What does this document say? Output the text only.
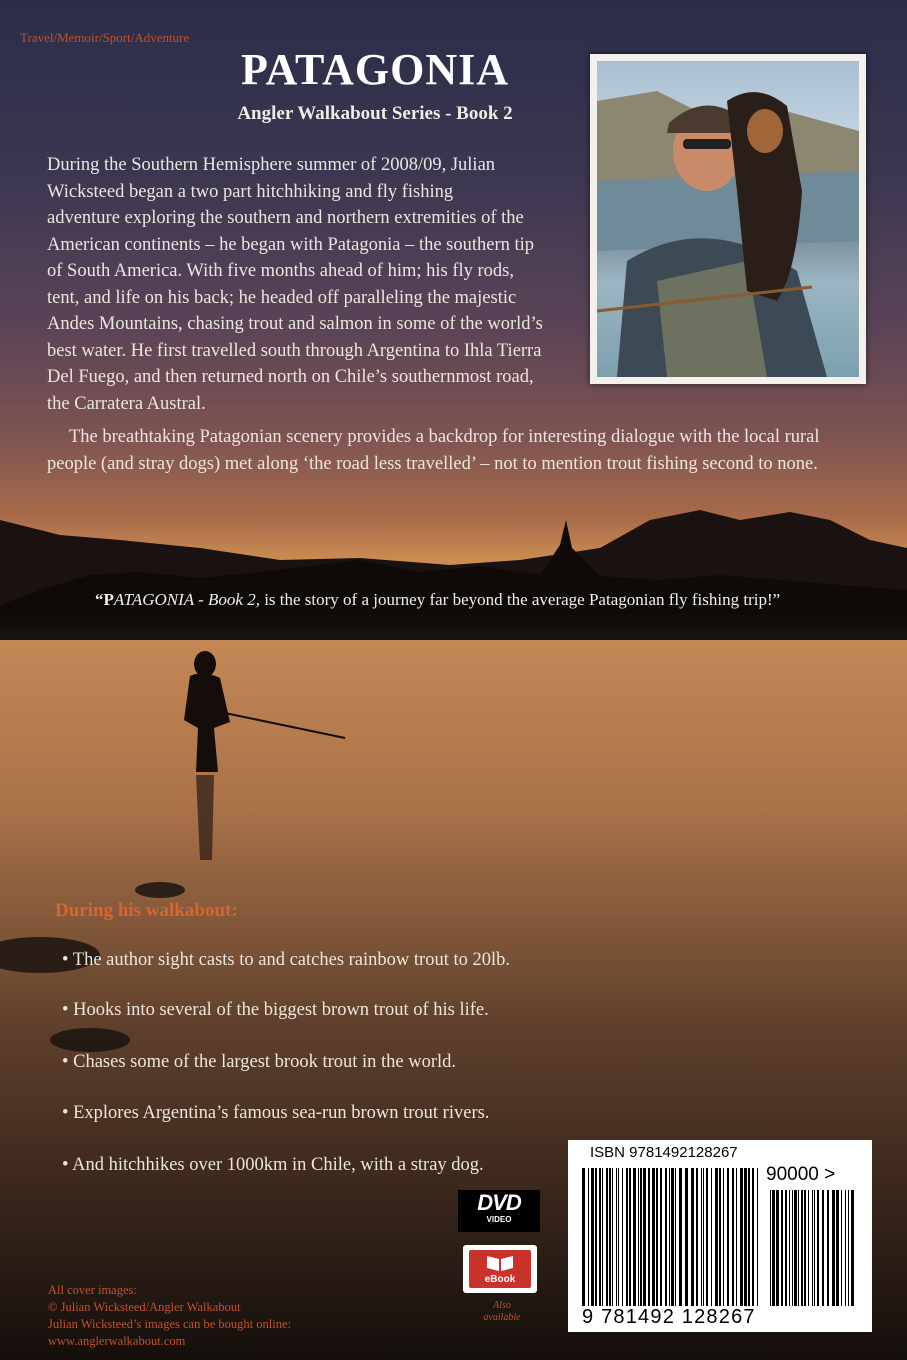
Travel/Memoir/Sport/Adventure
PATAGONIA
Angler Walkabout Series - Book 2
During the Southern Hemisphere summer of 2008/09, Julian
Wicksteed began a two part hitchhiking and fly fishing
adventure exploring the southern and northern extremities of the
American continents – he began with Patagonia – the southern tip
of South America. With five months ahead of him; his fly rods,
tent, and life on his back; he headed off paralleling the majestic
Andes Mountains, chasing trout and salmon in some of the world’s
best water. He first travelled south through Argentina to Ihla Tierra
Del Fuego, and then returned north on Chile’s southernmost road,
the Carratera Austral.
The breathtaking Patagonian scenery provides a backdrop for interesting dialogue with the local rural people (and stray dogs) met along ‘the road less travelled’ – not to mention trout fishing second to none.
“PATAGONIA - Book 2, is the story of a journey far beyond the average Patagonian fly fishing trip!”
During his walkabout:
• The author sight casts to and catches rainbow trout to 20lb.
• Hooks into several of the biggest brown trout of his life.
• Chases some of the largest brook trout in the world.
• Explores Argentina’s famous sea-run brown trout rivers.
• And hitchhikes over 1000km in Chile, with a stray dog.
All cover images:
© Julian Wicksteed/Angler Walkabout
Julian Wicksteed’s images can be bought online:
www.anglerwalkabout.com
DVD
VIDEO
eBook
Also
available
ISBN 9781492128267
90000 >
9 781492 128267
